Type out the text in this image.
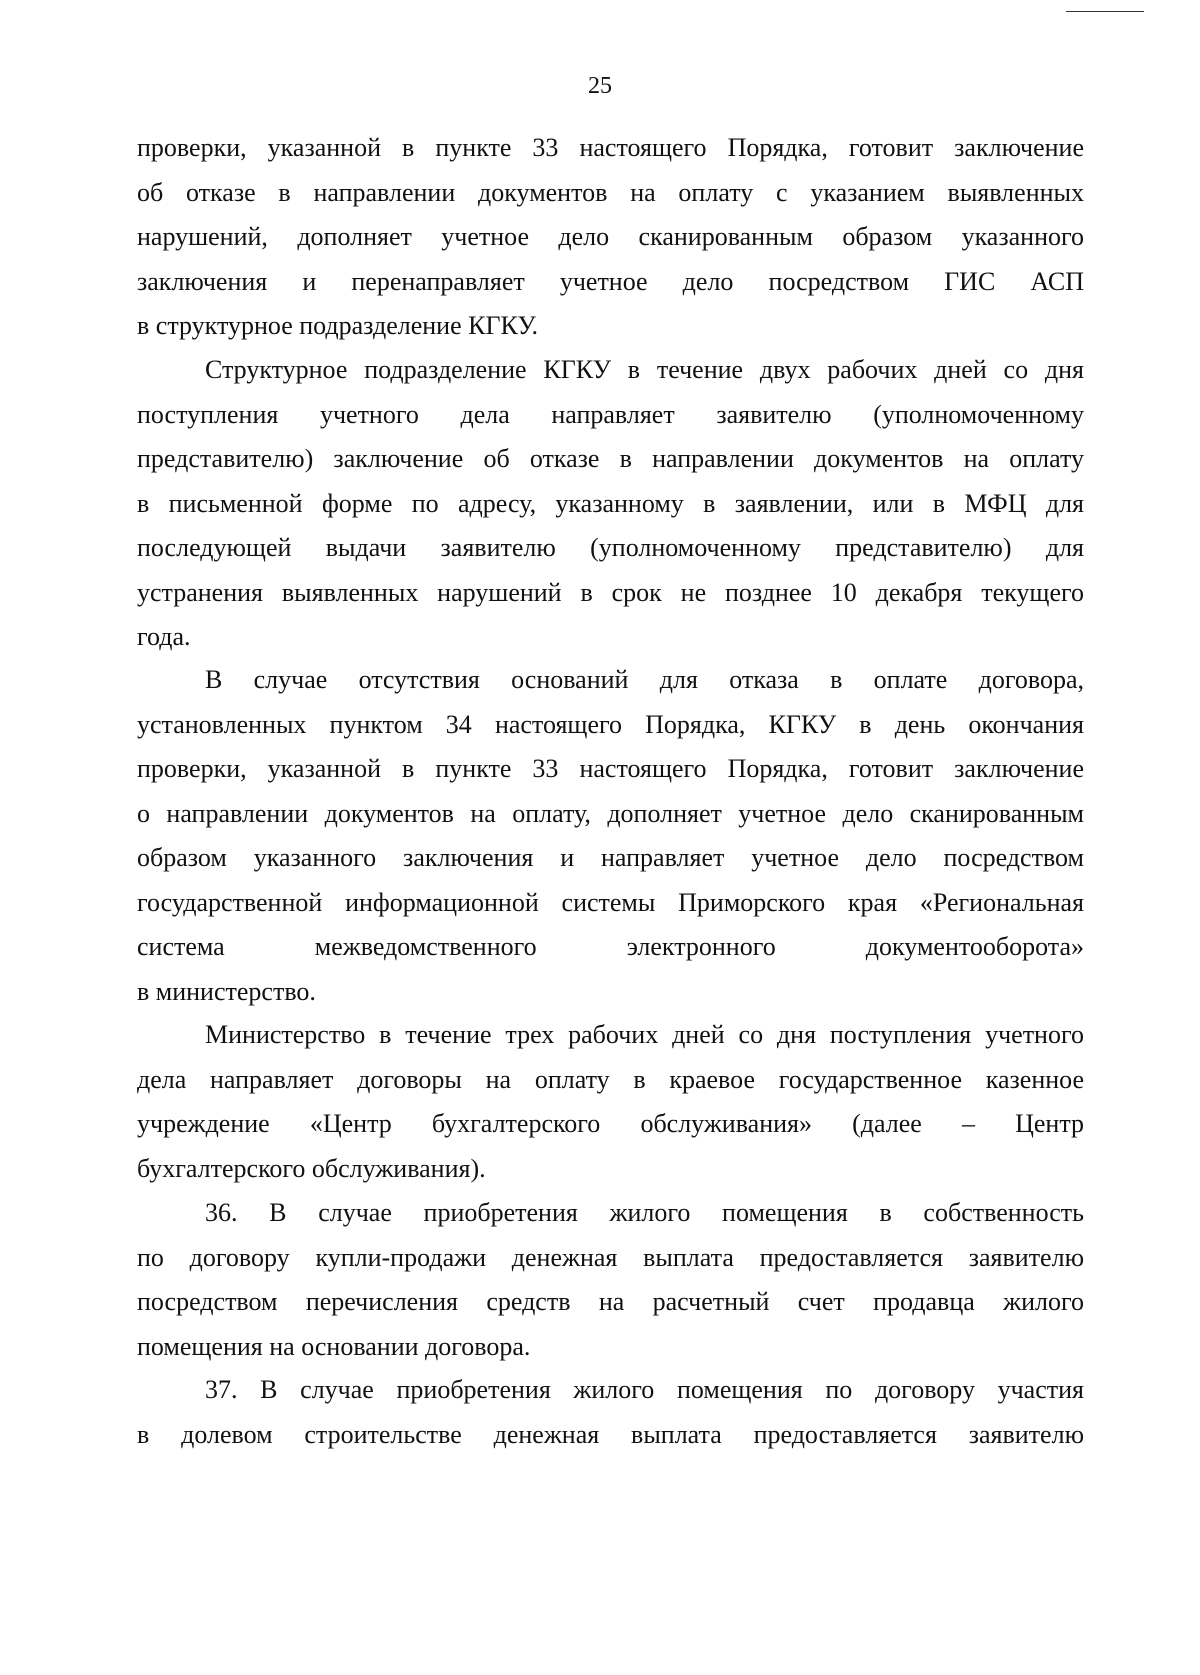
25
проверки, указанной в пункте 33 настоящего Порядка, готовит заключение
об отказе в направлении документов на оплату с указанием выявленных
нарушений, дополняет учетное дело сканированным образом указанного
заключения и перенаправляет учетное дело посредством ГИС АСП
в структурное подразделение КГКУ.
Структурное подразделение КГКУ в течение двух рабочих дней со дня
поступления учетного дела направляет заявителю (уполномоченному
представителю) заключение об отказе в направлении документов на оплату
в письменной форме по адресу, указанному в заявлении, или в МФЦ для
последующей выдачи заявителю (уполномоченному представителю) для
устранения выявленных нарушений в срок не позднее 10 декабря текущего
года.
В случае отсутствия оснований для отказа в оплате договора,
установленных пунктом 34 настоящего Порядка, КГКУ в день окончания
проверки, указанной в пункте 33 настоящего Порядка, готовит заключение
о направлении документов на оплату, дополняет учетное дело сканированным
образом указанного заключения и направляет учетное дело посредством
государственной информационной системы Приморского края «Региональная
система межведомственного электронного документооборота»
в министерство.
Министерство в течение трех рабочих дней со дня поступления учетного
дела направляет договоры на оплату в краевое государственное казенное
учреждение «Центр бухгалтерского обслуживания» (далее – Центр
бухгалтерского обслуживания).
36. В случае приобретения жилого помещения в собственность
по договору купли-продажи денежная выплата предоставляется заявителю
посредством перечисления средств на расчетный счет продавца жилого
помещения на основании договора.
37. В случае приобретения жилого помещения по договору участия
в долевом строительстве денежная выплата предоставляется заявителю
